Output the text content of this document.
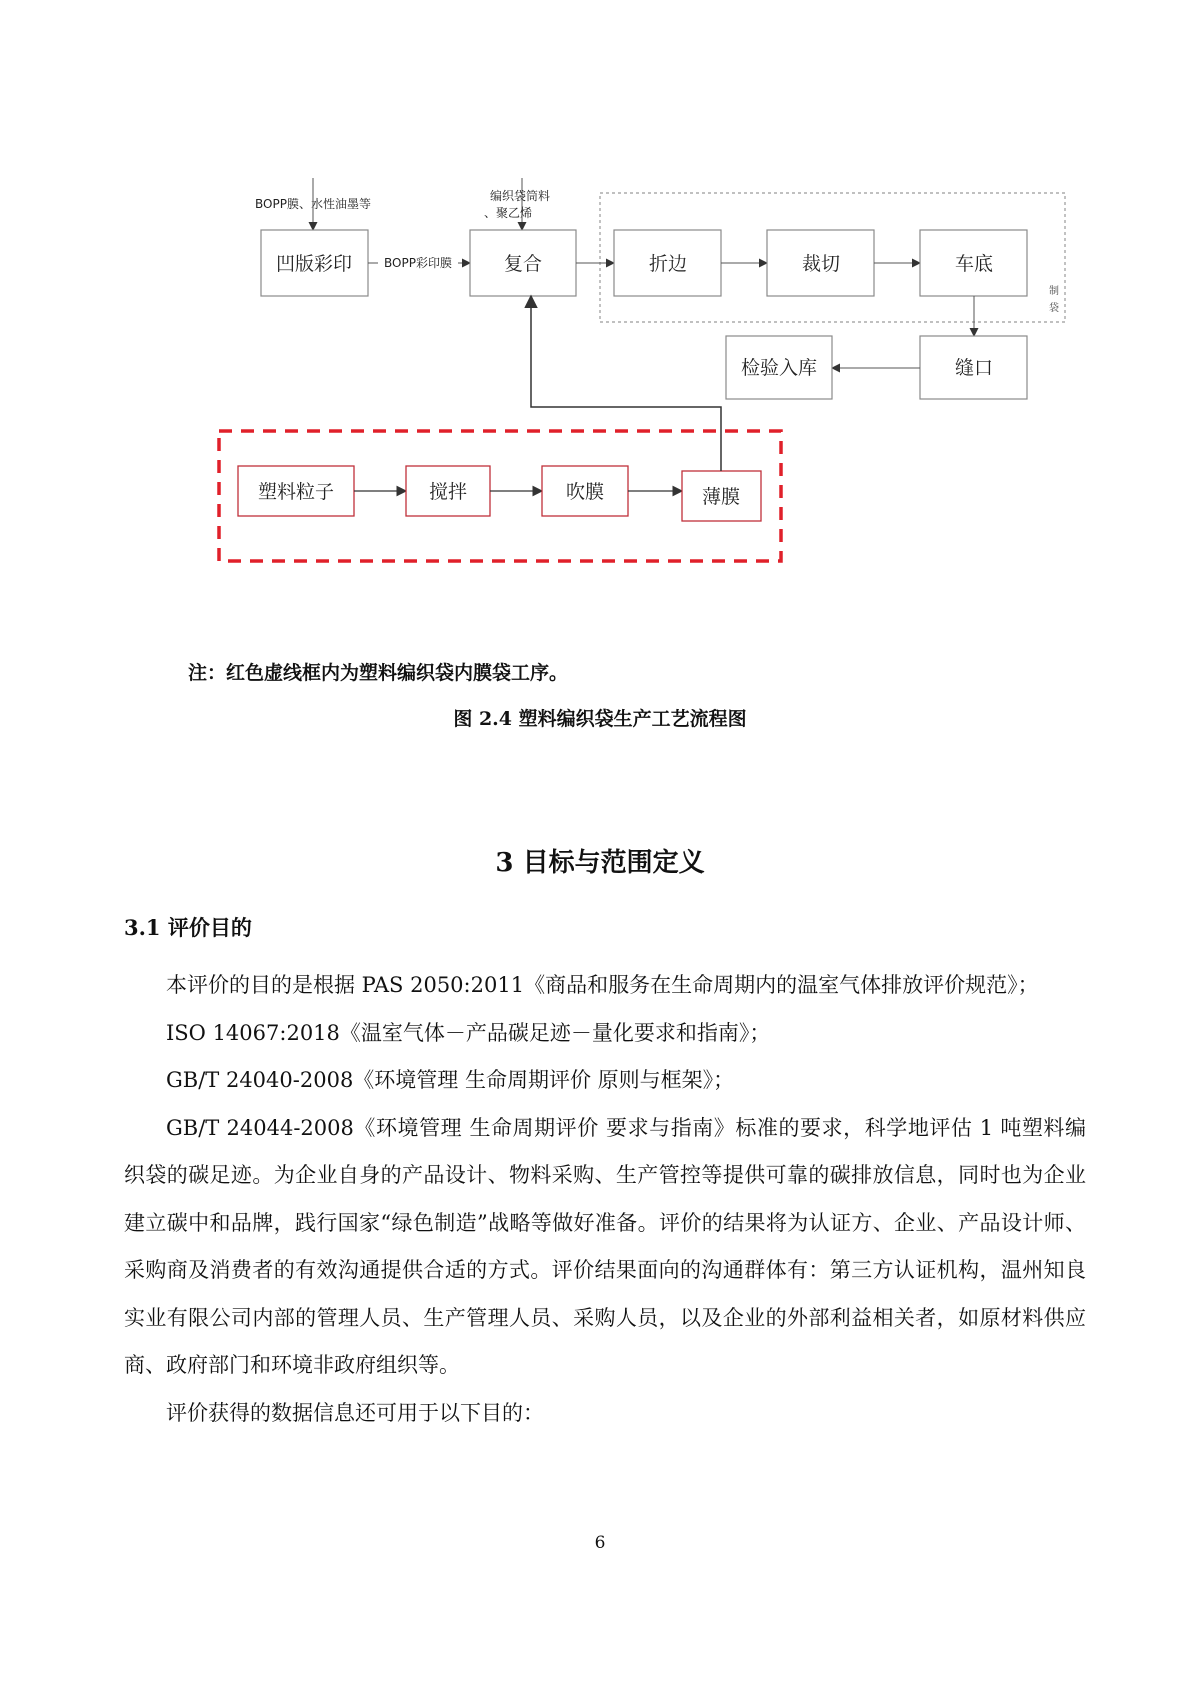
制
袋
BOPP膜、水性油墨等
编织袋筒料
、聚乙烯
凹版彩印	BOPP彩印膜	复合	折边	裁切	车底
缝口
检验入库
塑料粒子	搅拌	吹膜	薄膜
注：红色虚线框内为塑料编织袋内膜袋工序。
图 2.4 塑料编织袋生产工艺流程图
3 目标与范围定义
3.1 评价目的

本评价的目的是根据 PAS 2050:2011《商品和服务在生命周期内的温室气体排放评价规范》；

ISO 14067:2018《温室气体－产品碳足迹－量化要求和指南》；

GB/T 24040-2008《环境管理 生命周期评价 原则与框架》；

GB/T 24044-2008《环境管理 生命周期评价 要求与指南》标准的要求，科学地评估 1 吨塑料编织袋的碳足迹。为企业自身的产品设计、物料采购、生产管控等提供可靠的碳排放信息，同时也为企业建立碳中和品牌，践行国家“绿色制造”战略等做好准备。评价的结果将为认证方、企业、产品设计师、采购商及消费者的有效沟通提供合适的方式。评价结果面向的沟通群体有：第三方认证机构，温州知良实业有限公司内部的管理人员、生产管理人员、采购人员，以及企业的外部利益相关者，如原材料供应商、政府部门和环境非政府组织等。

评价获得的数据信息还可用于以下目的：

6
